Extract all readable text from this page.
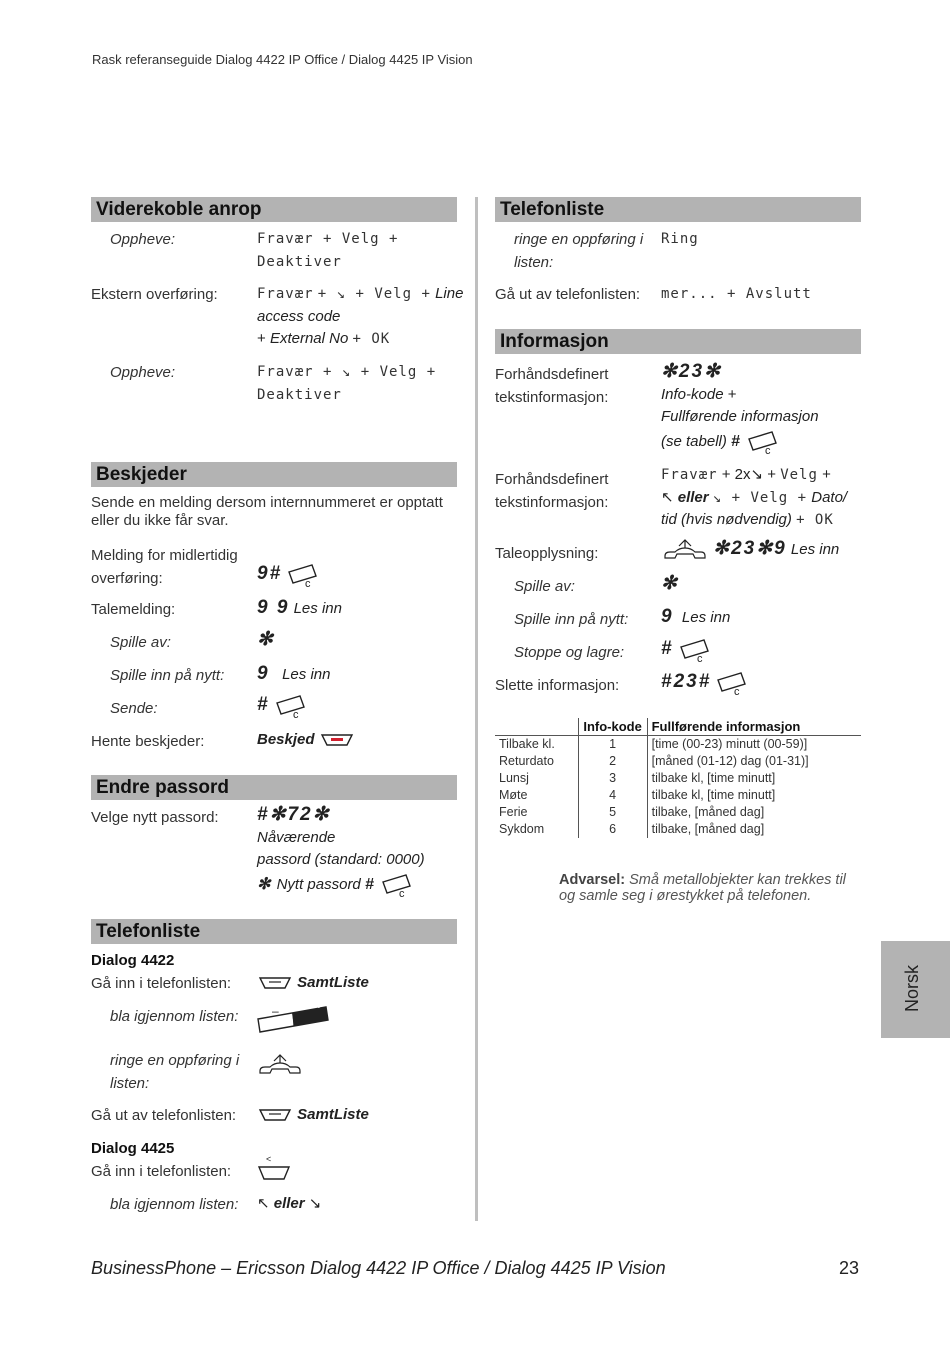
Rask referanseguide Dialog 4422 IP Office / Dialog 4425 IP Vision
Viderekoble anrop
Oppheve:	Fravær + Velg +
Deaktiver
Ekstern overføring:	Fravær + ↘ + Velg + Line
access code
+ External No + OK
Oppheve:	Fravær + ↘ + Velg +
Deaktiver
Beskjeder
Sende en melding dersom internnummeret er opptatt eller du ikke får svar.
Melding for midlertidig
overføring:	9#
c
Talemelding:	9 9 Les inn
Spille av:	✻
Spille inn på nytt: 9 Les inn
Sende:	#
c
Hente beskjeder:	Beskjed
Endre passord
Velge nytt passord: #✻72✻
Nåværende
passord (standard: 0000)
✻ Nytt passord #
c
Telefonliste
Dialog 4422
Gå inn i telefonlisten:	SamtListe
bla igjennom listen:	–	+
ringe en oppføring i
listen:
Gå ut av telefonlisten:	SamtListe
Dialog 4425
Gå inn i telefonlisten:
<
bla igjennom listen: ↖ eller ↘
Telefonliste
ringe en oppføring i
listen:
Ring
Gå ut av telefonlisten: mer... + Avslutt
Informasjon
Forhåndsdefinert
tekstinformasjon:
✻23✻
Info-kode +
Fullførende informasjon
(se tabell) #
c
Forhåndsdefinert
tekstinformasjon:
Fravær + 2x↘ + Velg +
↖ eller ↘ + Velg + Dato/
tid (hvis nødvendig) + OK
Taleopplysning:	✻23✻9 Les inn
Spille av:	✻
Spille inn på nytt: 9 Les inn
Stoppe og lagre: #
c
Slette informasjon: #23#
c
	Info-kode	Fullførende informasjon
Tilbake kl.	1	[time (00-23) minutt (00-59)]
Returdato	2	[måned (01-12) dag (01-31)]
Lunsj	3	tilbake kl, [time minutt]
Møte	4	tilbake kl, [time minutt]
Ferie	5	tilbake, [måned dag]
Sykdom	6	tilbake, [måned dag]
Advarsel: Små metallobjekter kan trekkes til og samle seg i ørestykket på telefonen.
Norsk
BusinessPhone – Ericsson Dialog 4422 IP Office / Dialog 4425 IP Vision	23
